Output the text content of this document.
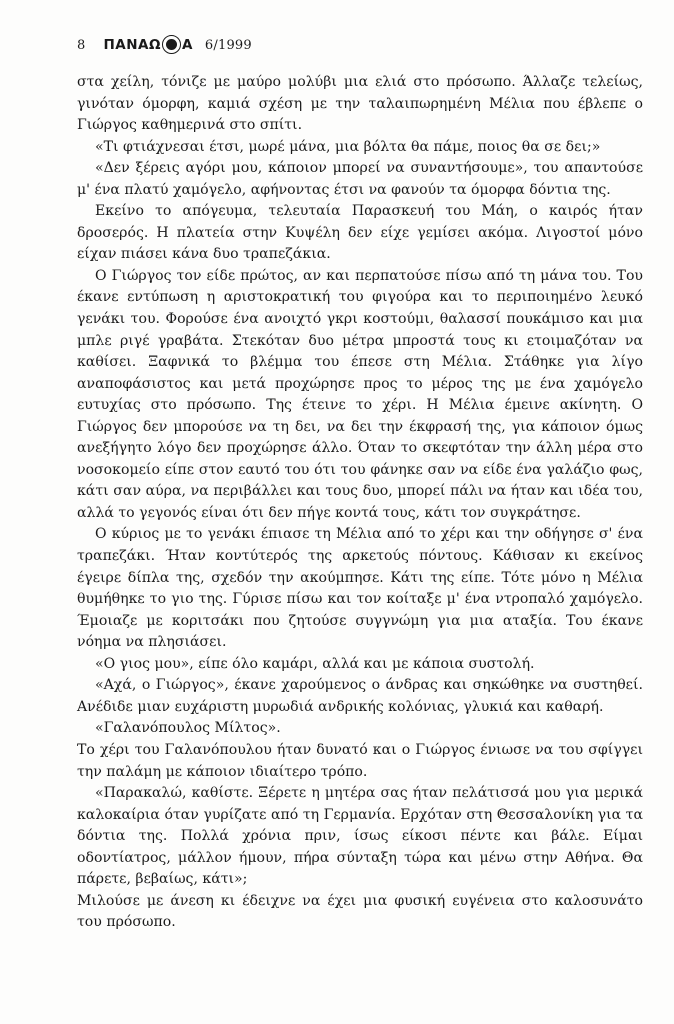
8 ΠΑΝΑΩ Α 6/1999

στα χείλη, τόνιζε με μαύρο μολύβι μια ελιά στο πρόσωπο. Άλλαζε τελείως, γινόταν όμορφη, καμιά σχέση με την ταλαιπωρημένη Μέλια που έβλεπε ο Γιώργος καθημερινά στο σπίτι.

«Τι φτιάχνεσαι έτσι, μωρέ μάνα, μια βόλτα θα πάμε, ποιος θα σε δει;»

«Δεν ξέρεις αγόρι μου, κάποιον μπορεί να συναντήσουμε», του απαντούσε μ' ένα πλατύ χαμόγελο, αφήνοντας έτσι να φανούν τα όμορφα δόντια της.

Εκείνο το απόγευμα, τελευταία Παρασκευή του Μάη, ο καιρός ήταν δροσερός. Η πλατεία στην Κυψέλη δεν είχε γεμίσει ακόμα. Λιγοστοί μόνο είχαν πιάσει κάνα δυο τραπεζάκια.

Ο Γιώργος τον είδε πρώτος, αν και περπατούσε πίσω από τη μάνα του. Του έκανε εντύπωση η αριστοκρατική του φιγούρα και το περιποιημένο λευκό γενάκι του. Φορούσε ένα ανοιχτό γκρι κοστούμι, θαλασσί πουκάμισο και μια μπλε ριγέ γραβάτα. Στεκόταν δυο μέτρα μπροστά τους κι ετοιμαζόταν να καθίσει. Ξαφνικά το βλέμμα του έπεσε στη Μέλια. Στάθηκε για λίγο αναποφάσιστος και μετά προχώρησε προς το μέρος της με ένα χαμόγελο ευτυχίας στο πρόσωπο. Της έτεινε το χέρι. Η Μέλια έμεινε ακίνητη. Ο Γιώργος δεν μπορούσε να τη δει, να δει την έκφρασή της, για κάποιον όμως ανεξήγητο λόγο δεν προχώρησε άλλο. Όταν το σκεφτόταν την άλλη μέρα στο νοσοκομείο είπε στον εαυτό του ότι του φάνηκε σαν να είδε ένα γαλάζιο φως, κάτι σαν αύρα, να περιβάλλει και τους δυο, μπορεί πάλι να ήταν και ιδέα του, αλλά το γεγονός είναι ότι δεν πήγε κοντά τους, κάτι τον συγκράτησε.

Ο κύριος με το γενάκι έπιασε τη Μέλια από το χέρι και την οδήγησε σ' ένα τραπεζάκι. Ήταν κοντύτερός της αρκετούς πόντους. Κάθισαν κι εκείνος έγειρε δίπλα της, σχεδόν την ακούμπησε. Κάτι της είπε. Τότε μόνο η Μέλια θυμήθηκε το γιο της. Γύρισε πίσω και τον κοίταξε μ' ένα ντροπαλό χαμόγελο. Έμοιαζε με κοριτσάκι που ζητούσε συγγνώμη για μια αταξία. Του έκανε νόημα να πλησιάσει.

«Ο γιος μου», είπε όλο καμάρι, αλλά και με κάποια συστολή.

«Αχά, ο Γιώργος», έκανε χαρούμενος ο άνδρας και σηκώθηκε να συστηθεί. Ανέδιδε μιαν ευχάριστη μυρωδιά ανδρικής κολόνιας, γλυκιά και καθαρή.

«Γαλανόπουλος Μίλτος».

Το χέρι του Γαλανόπουλου ήταν δυνατό και ο Γιώργος ένιωσε να του σφίγγει την παλάμη με κάποιον ιδιαίτερο τρόπο.

«Παρακαλώ, καθίστε. Ξέρετε η μητέρα σας ήταν πελάτισσά μου για μερικά καλοκαίρια όταν γυρίζατε από τη Γερμανία. Ερχόταν στη Θεσσαλονίκη για τα δόντια της. Πολλά χρόνια πριν, ίσως είκοσι πέντε και βάλε. Είμαι οδοντίατρος, μάλλον ήμουν, πήρα σύνταξη τώρα και μένω στην Αθήνα. Θα πάρετε, βεβαίως, κάτι»;

Μιλούσε με άνεση κι έδειχνε να έχει μια φυσική ευγένεια στο καλοσυνάτο του πρόσωπο.
